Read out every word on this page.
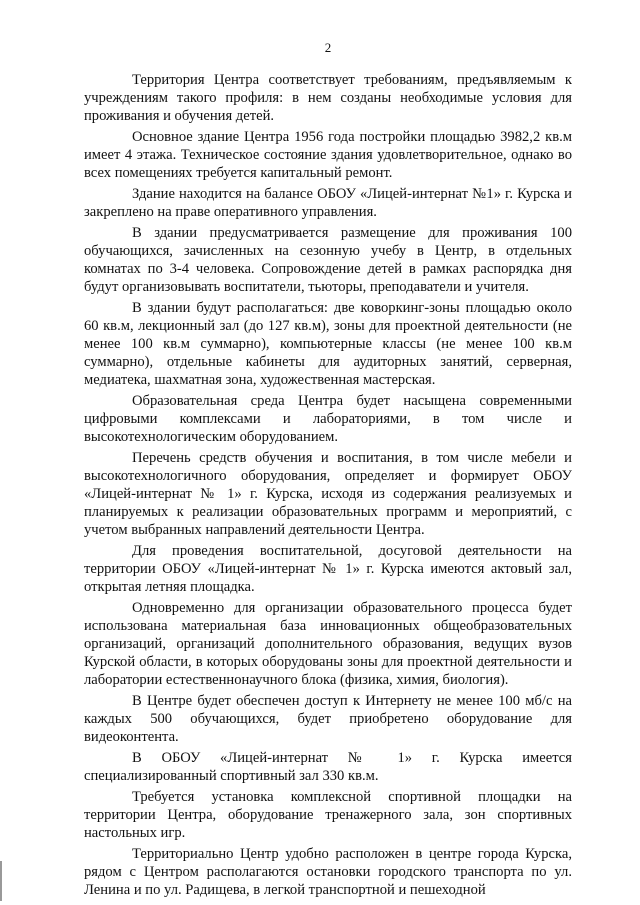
2

Территория Центра соответствует требованиям, предъявляемым к учреждениям такого профиля: в нем созданы необходимые условия для проживания и обучения детей.

Основное здание Центра 1956 года постройки площадью 3982,2 кв.м имеет 4 этажа. Техническое состояние здания удовлетворительное, однако во всех помещениях требуется капитальный ремонт.

Здание находится на балансе ОБОУ «Лицей-интернат №1» г. Курска и закреплено на праве оперативного управления.

В здании предусматривается размещение для проживания 100 обучающихся, зачисленных на сезонную учебу в Центр, в отдельных комнатах по 3-4 человека. Сопровождение детей в рамках распорядка дня будут организовывать воспитатели, тьюторы, преподаватели и учителя.

В здании будут располагаться: две коворкинг-зоны площадью около 60 кв.м, лекционный зал (до 127 кв.м), зоны для проектной деятельности (не менее 100 кв.м суммарно), компьютерные классы (не менее 100 кв.м суммарно), отдельные кабинеты для аудиторных занятий, серверная, медиатека, шахматная зона, художественная мастерская.

Образовательная среда Центра будет насыщена современными цифровыми комплексами и лабораториями, в том числе и высокотехнологическим оборудованием.

Перечень средств обучения и воспитания, в том числе мебели и высокотехнологичного оборудования, определяет и формирует ОБОУ «Лицей-интернат № 1» г. Курска, исходя из содержания реализуемых и планируемых к реализации образовательных программ и мероприятий, с учетом выбранных направлений деятельности Центра.

Для проведения воспитательной, досуговой деятельности на территории ОБОУ «Лицей-интернат № 1» г. Курска имеются актовый зал, открытая летняя площадка.

Одновременно для организации образовательного процесса будет использована материальная база инновационных общеобразовательных организаций, организаций дополнительного образования, ведущих вузов Курской области, в которых оборудованы зоны для проектной деятельности и лаборатории естественнонаучного блока (физика, химия, биология).

В Центре будет обеспечен доступ к Интернету не менее 100 мб/с на каждых 500 обучающихся, будет приобретено оборудование для видеоконтента.

В ОБОУ «Лицей-интернат № 1» г. Курска имеется специализированный спортивный зал 330 кв.м.

Требуется установка комплексной спортивной площадки на территории Центра, оборудование тренажерного зала, зон спортивных настольных игр.

Территориально Центр удобно расположен в центре города Курска, рядом с Центром располагаются остановки городского транспорта по ул. Ленина и по ул. Радищева, в легкой транспортной и пешеходной
